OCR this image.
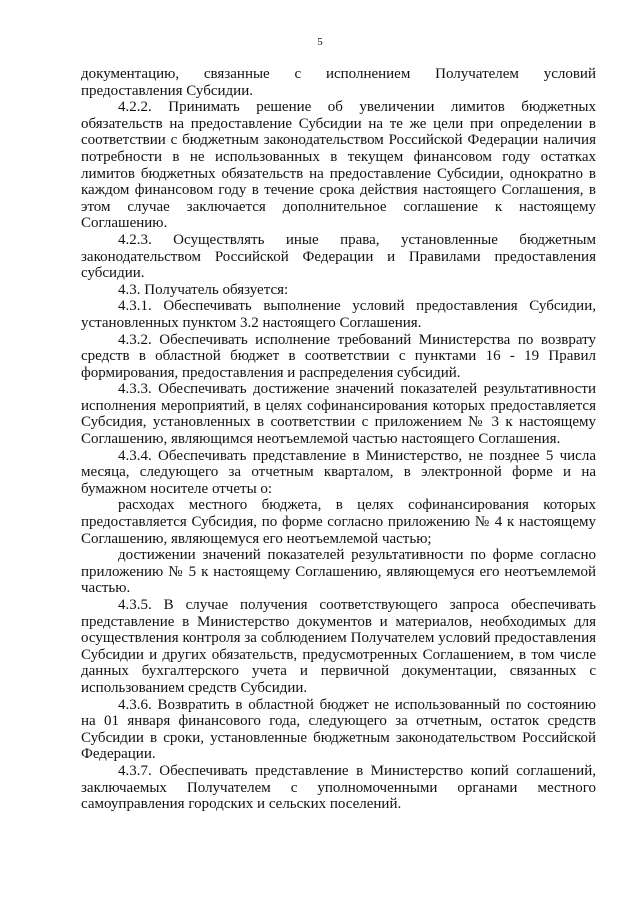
5

документацию, связанные с исполнением Получателем условий предоставления Субсидии.

4.2.2. Принимать решение об увеличении лимитов бюджетных обязательств на предоставление Субсидии на те же цели при определении в соответствии с бюджетным законодательством Российской Федерации наличия потребности в не использованных в текущем финансовом году остатках лимитов бюджетных обязательств на предоставление Субсидии, однократно в каждом финансовом году в течение срока действия настоящего Соглашения, в этом случае заключается дополнительное соглашение к настоящему Соглашению.

4.2.3. Осуществлять иные права, установленные бюджетным законодательством Российской Федерации и Правилами предоставления субсидии.

4.3. Получатель обязуется:

4.3.1. Обеспечивать выполнение условий предоставления Субсидии, установленных пунктом 3.2 настоящего Соглашения.

4.3.2. Обеспечивать исполнение требований Министерства по возврату средств в областной бюджет в соответствии с пунктами 16 - 19 Правил формирования, предоставления и распределения субсидий.

4.3.3. Обеспечивать достижение значений показателей результативности исполнения мероприятий, в целях софинансирования которых предоставляется Субсидия, установленных в соответствии с приложением № 3 к настоящему Соглашению, являющимся неотъемлемой частью настоящего Соглашения.

4.3.4. Обеспечивать представление в Министерство, не позднее 5 числа месяца, следующего за отчетным кварталом, в электронной форме и на бумажном носителе отчеты о:

расходах местного бюджета, в целях софинансирования которых предоставляется Субсидия, по форме согласно приложению № 4 к настоящему Соглашению, являющемуся его неотъемлемой частью;

достижении значений показателей результативности по форме согласно приложению № 5 к настоящему Соглашению, являющемуся его неотъемлемой частью.

4.3.5. В случае получения соответствующего запроса обеспечивать представление в Министерство документов и материалов, необходимых для осуществления контроля за соблюдением Получателем условий предоставления Субсидии и других обязательств, предусмотренных Соглашением, в том числе данных бухгалтерского учета и первичной документации, связанных с использованием средств Субсидии.

4.3.6. Возвратить в областной бюджет не использованный по состоянию на 01 января финансового года, следующего за отчетным, остаток средств Субсидии в сроки, установленные бюджетным законодательством Российской Федерации.

4.3.7. Обеспечивать представление в Министерство копий соглашений, заключаемых Получателем с уполномоченными органами местного самоуправления городских и сельских поселений.
